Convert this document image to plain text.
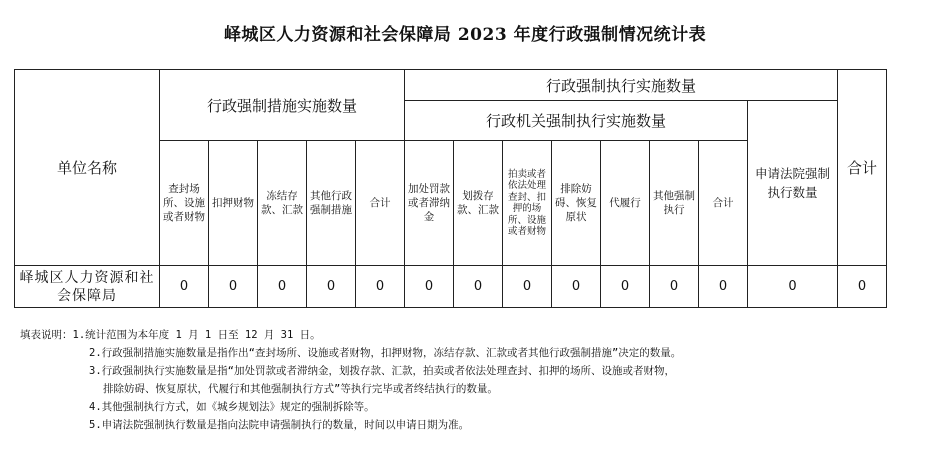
峄城区人力资源和社会保障局 2023 年度行政强制情况统计表
单位名称	行政强制措施实施数量					行政强制执行实施数量								合计
						行政机关强制执行实施数量							申请法院强制执行数量	
	查封场所、设施或者财物	扣押财物	冻结存款、汇款	其他行政强制措施	合计	加处罚款或者滞纳金	划拨存款、汇款	拍卖或者依法处理查封、扣押的场所、设施或者财物	排除妨碍、恢复原状	代履行	其他强制执行	合计		
峄城区人力资源和社会保障局	0	0	0	0	0	0	0	0	0	0	0	0	0	0
填表说明：1.统计范围为本年度 1 月 1 日至 12 月 31 日。
2.行政强制措施实施数量是指作出“查封场所、设施或者财物，扣押财物，冻结存款、汇款或者其他行政强制措施”决定的数量。
3.行政强制执行实施数量是指“加处罚款或者滞纳金，划拨存款、汇款，拍卖或者依法处理查封、扣押的场所、设施或者财物，
排除妨碍、恢复原状，代履行和其他强制执行方式”等执行完毕或者终结执行的数量。
4.其他强制执行方式，如《城乡规划法》规定的强制拆除等。
5.申请法院强制执行数量是指向法院申请强制执行的数量，时间以申请日期为准。
